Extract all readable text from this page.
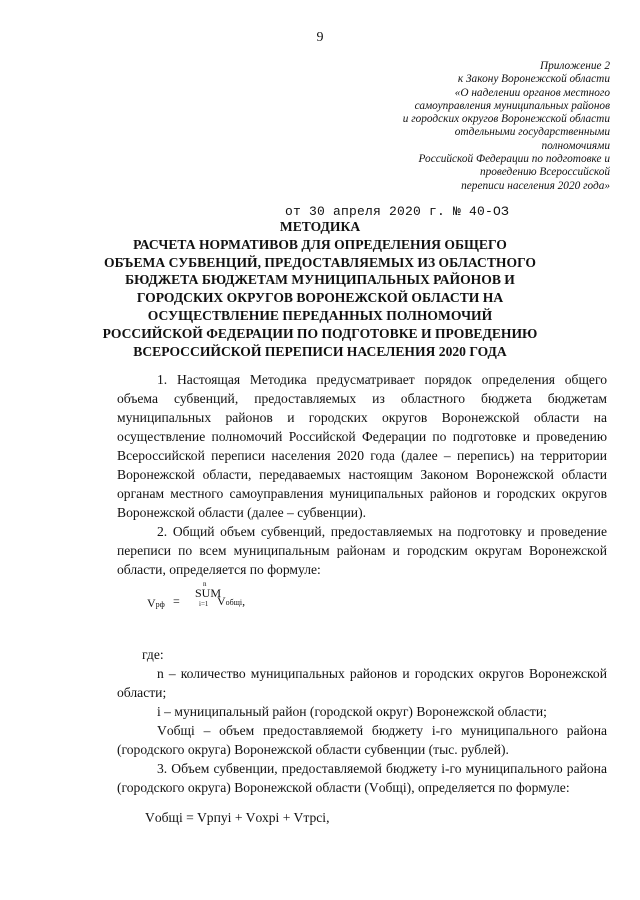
9
Приложение 2
к Закону Воронежской области
«О наделении органов местного
самоуправления муниципальных районов
и городских округов Воронежской области
отдельными государственными
полномочиями
Российской Федерации по подготовке и
проведению Всероссийской
переписи населения 2020 года»
от 30 апреля 2020 г. № 40-ОЗ
МЕТОДИКА
РАСЧЕТА НОРМАТИВОВ ДЛЯ ОПРЕДЕЛЕНИЯ ОБЩЕГО
ОБЪЕМА СУБВЕНЦИЙ, ПРЕДОСТАВЛЯЕМЫХ ИЗ ОБЛАСТНОГО
БЮДЖЕТА БЮДЖЕТАМ МУНИЦИПАЛЬНЫХ РАЙОНОВ И
ГОРОДСКИХ ОКРУГОВ ВОРОНЕЖСКОЙ ОБЛАСТИ НА
ОСУЩЕСТВЛЕНИЕ ПЕРЕДАННЫХ ПОЛНОМОЧИЙ
РОССИЙСКОЙ ФЕДЕРАЦИИ ПО ПОДГОТОВКЕ И ПРОВЕДЕНИЮ
ВСЕРОССИЙСКОЙ ПЕРЕПИСИ НАСЕЛЕНИЯ 2020 ГОДА
1. Настоящая Методика предусматривает порядок определения общего объема субвенций, предоставляемых из областного бюджета бюджетам муниципальных районов и городских округов Воронежской области на осуществление полномочий Российской Федерации по подготовке и проведению Всероссийской переписи населения 2020 года (далее – перепись) на территории Воронежской области, передаваемых настоящим Законом Воронежской области органам местного самоуправления муниципальных районов и городских округов Воронежской области (далее – субвенции).
2. Общий объем субвенций, предоставляемых на подготовку и проведение переписи по всем муниципальным районам и городским округам Воронежской области, определяется по формуле:
Vрф =
n
SUM
i=1 Vобщi,
где:
n – количество муниципальных районов и городских округов Воронежской области;
i – муниципальный район (городской округ) Воронежской области;
Vобщi – объем предоставляемой бюджету i-го муниципального района (городского округа) Воронежской области субвенции (тыс. рублей).
3. Объем субвенции, предоставляемой бюджету i-го муниципального района (городского округа) Воронежской области (Vобщi), определяется по формуле:
Vобщi = Vрпуi + Vохрi + Vтрсi,
